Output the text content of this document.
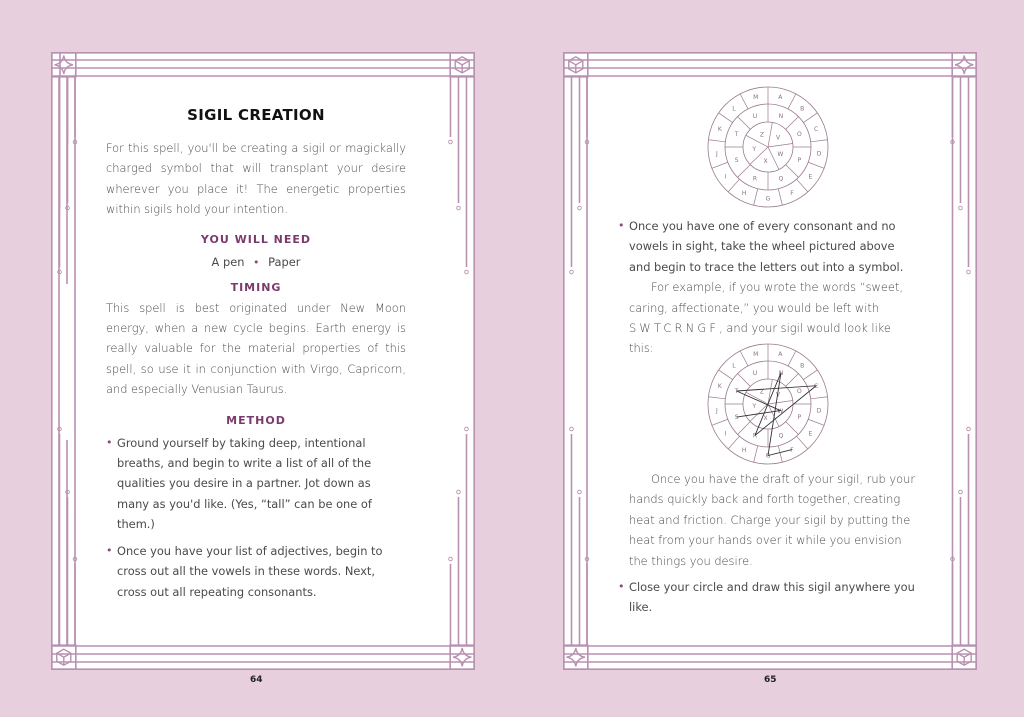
SIGIL CREATION

For this spell, you'll be creating a sigil or magickally charged symbol that will transplant your desire wherever you place it! The energetic properties within sigils hold your intention.

YOU WILL NEED
A pen • Paper
TIMING

This spell is best originated under New Moon energy, when a new cycle begins. Earth energy is really valuable for the material properties of this spell, so use it in conjunction with Virgo, Capricorn, and especially Venusian Taurus.

METHOD
• Ground yourself by taking deep, intentional breaths, and begin to write a list of all of the qualities you desire in a partner. Jot down as many as you'd like. (Yes, “tall” can be one of them.)
• Once you have your list of adjectives, begin to cross out all the vowels in these words. Next, cross out all repeating consonants.
64
A
B
C
D
E
F
G
H
I
J
K
L
M
N
O
P
Q
R
S
T
U
V
W
X
Y
Z
• Once you have one of every consonant and no vowels in sight, take the wheel pictured above and begin to trace the letters out into a symbol.

For example, if you wrote the words “sweet, caring, affectionate,” you would be left with SWTCRNGF, and your sigil would look like this:	A
B
C
D
E
F
G
H
I
J
K
L
M
N
O
P
Q
R
S
T
U
V
W
X
Y
Z

Once you have the draft of your sigil, rub your hands quickly back and forth together, creating heat and friction. Charge your sigil by putting the heat from your hands over it while you envision the things you desire.

• Close your circle and draw this sigil anywhere you like.
65
